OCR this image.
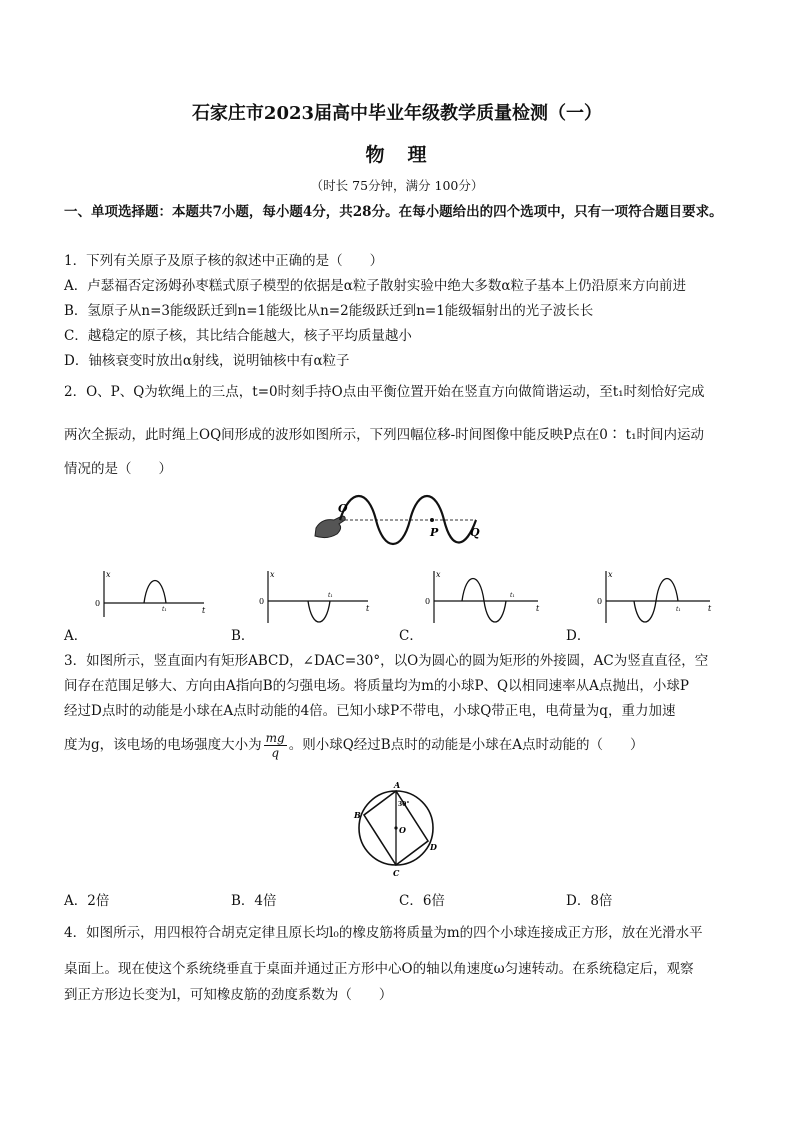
石家庄市2023届高中毕业年级教学质量检测（一）
物　理
（时长 75分钟，满分 100分）
一、单项选择题：本题共7小题，每小题4分，共28分。在每小题给出的四个选项中，只有一项符合题目要求。
1．下列有关原子及原子核的叙述中正确的是（　　）
A．卢瑟福否定汤姆孙枣糕式原子模型的依据是α粒子散射实验中绝大多数α粒子基本上仍沿原来方向前进
B．氢原子从n=3能级跃迁到n=1能级比从n=2能级跃迁到n=1能级辐射出的光子波长长
C．越稳定的原子核，其比结合能越大，核子平均质量越小
D．铀核衰变时放出α射线，说明铀核中有α粒子
2．O、P、Q为软绳上的三点，t=0时刻手持O点由平衡位置开始在竖直方向做简谐运动，至t₁时刻恰好完成
两次全振动，此时绳上OQ间形成的波形如图所示，下列四幅位移-时间图像中能反映P点在0∶ t₁时间内运动
情况的是（　　）
O
P	Q
x
0
t
t₁
A．
x
0
t
t₁
B．
x
0
t
t₁
C．
x
0
t
t₁
D．
3．如图所示，竖直面内有矩形ABCD，∠DAC=30°，以O为圆心的圆为矩形的外接圆，AC为竖直直径，空
间存在范围足够大、方向由A指向B的匀强电场。将质量均为m的小球P、Q以相同速率从A点抛出，小球P
经过D点时的动能是小球在A点时动能的4倍。已知小球P不带电，小球Q带正电，电荷量为q，重力加速
度为g，该电场的电场强度大小为 $\frac{mg}{q}$ 。则小球Q经过B点时的动能是小球在A点时动能的（　　）
A
B
C
D
O
30°
A．2倍	B．4倍	C．6倍	D．8倍
4．如图所示，用四根符合胡克定律且原长均l₀的橡皮筋将质量为m的四个小球连接成正方形，放在光滑水平
桌面上。现在使这个系统绕垂直于桌面并通过正方形中心O的轴以角速度ω匀速转动。在系统稳定后，观察
到正方形边长变为l，可知橡皮筋的劲度系数为（　　）
